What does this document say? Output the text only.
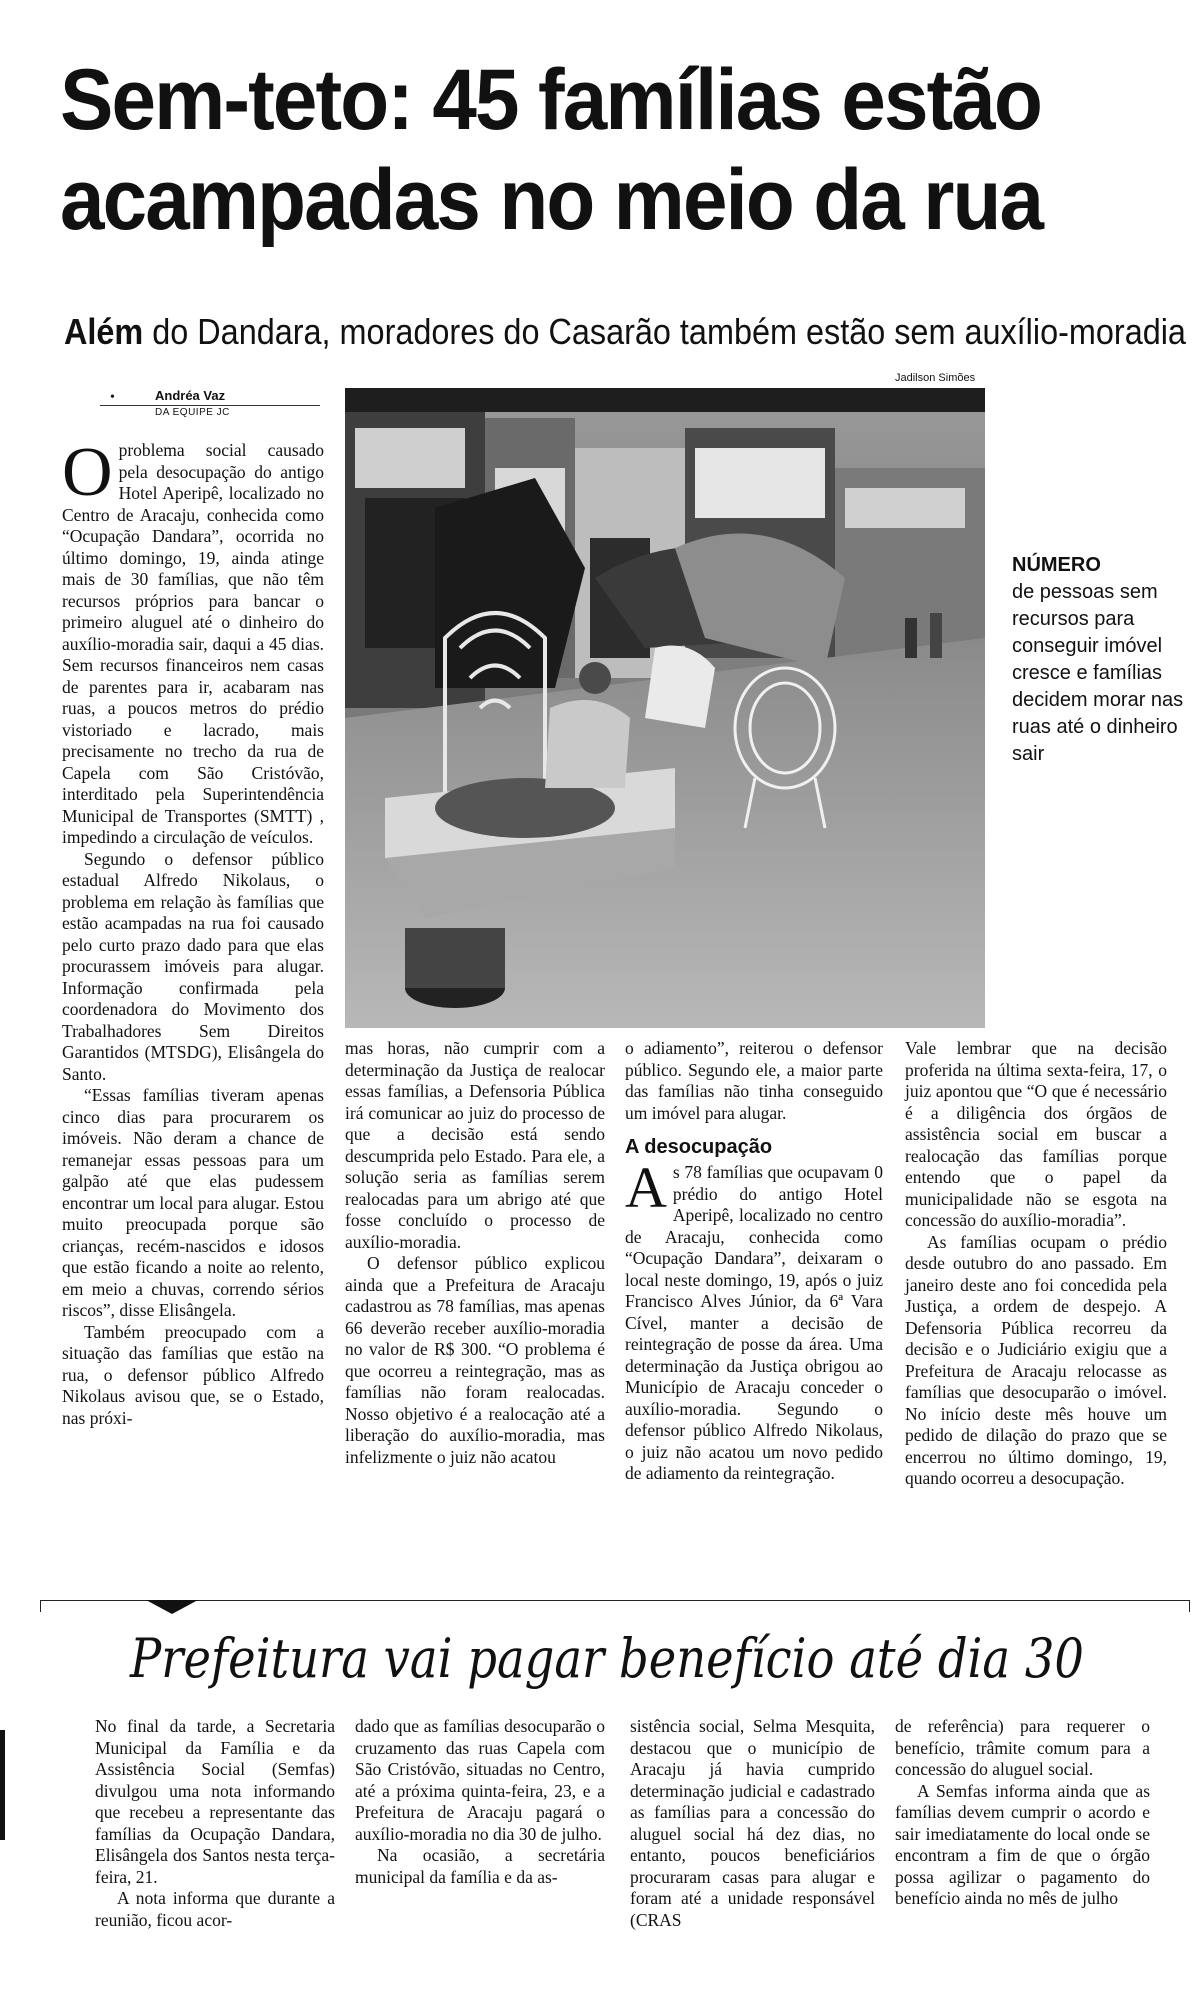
Sem-teto: 45 famílias estão
acampadas no meio da rua
Além do Dandara, moradores do Casarão também estão sem auxílio-moradia
•	Andréa Vaz
DA EQUIPE JC
Jadilson Simões
NÚMERO
de pessoas sem recursos para conseguir imóvel cresce e famílias decidem morar nas ruas até o dinheiro sair

Oproblema social causado pela desocupação do antigo Hotel Aperipê, localizado no Centro de Aracaju, conhecida como “Ocupação Dandara”, ocorrida no último domingo, 19, ainda atinge mais de 30 famílias, que não têm recursos próprios para bancar o primeiro aluguel até o dinheiro do auxílio-moradia sair, daqui a 45 dias. Sem recursos financeiros nem casas de parentes para ir, acabaram nas ruas, a poucos metros do prédio vistoriado e lacrado, mais precisamente no trecho da rua de Capela com São Cristóvão, interditado pela Superintendência Municipal de Transportes (SMTT) , impedindo a circulação de veículos.

Segundo o defensor público estadual Alfredo Nikolaus, o problema em relação às famílias que estão acampadas na rua foi causado pelo curto prazo dado para que elas procurassem imóveis para alugar. Informação confirmada pela coordenadora do Movimento dos Trabalhadores Sem Direitos Garantidos (MTSDG), Elisângela do Santo.

“Essas famílias tiveram apenas cinco dias para procurarem os imóveis. Não deram a chance de remanejar essas pessoas para um galpão até que elas pudessem encontrar um local para alugar. Estou muito preocupada porque são crianças, recém-nascidos e idosos que estão ficando a noite ao relento, em meio a chuvas, correndo sérios riscos”, disse Elisângela.

Também preocupado com a situação das famílias que estão na rua, o defensor público Alfredo Nikolaus avisou que, se o Estado, nas próxi-

mas horas, não cumprir com a determinação da Justiça de realocar essas famílias, a Defensoria Pública irá comunicar ao juiz do processo de que a decisão está sendo descumprida pelo Estado. Para ele, a solução seria as famílias serem realocadas para um abrigo até que fosse concluído o processo de auxílio-moradia.

O defensor público explicou ainda que a Prefeitura de Aracaju cadastrou as 78 famílias, mas apenas 66 deverão receber auxílio-moradia no valor de R$ 300. “O problema é que ocorreu a reintegração, mas as famílias não foram realocadas. Nosso objetivo é a realocação até a liberação do auxílio-moradia, mas infelizmente o juiz não acatou

o adiamento”, reiterou o defensor público. Segundo ele, a maior parte das famílias não tinha conseguido um imóvel para alugar.

A desocupação

As 78 famílias que ocupavam 0 prédio do antigo Hotel Aperipê, localizado no centro de Aracaju, conhecida como “Ocupação Dandara”, deixaram o local neste domingo, 19, após o juiz Francisco Alves Júnior, da 6ª Vara Cível, manter a decisão de reintegração de posse da área. Uma determinação da Justiça obrigou ao Município de Aracaju conceder o auxílio-moradia. Segundo o defensor público Alfredo Nikolaus, o juiz não acatou um novo pedido de adiamento da reintegração.

Vale lembrar que na decisão proferida na última sexta-feira, 17, o juiz apontou que “O que é necessário é a diligência dos órgãos de assistência social em buscar a realocação das famílias porque entendo que o papel da municipalidade não se esgota na concessão do auxílio-moradia”.

As famílias ocupam o prédio desde outubro do ano passado. Em janeiro deste ano foi concedida pela Justiça, a ordem de despejo. A Defensoria Pública recorreu da decisão e o Judiciário exigiu que a Prefeitura de Aracaju relocasse as famílias que desocuparão o imóvel. No início deste mês houve um pedido de dilação do prazo que se encerrou no último domingo, 19, quando ocorreu a desocupação.

Prefeitura vai pagar benefício até dia 30

No final da tarde, a Secretaria Municipal da Família e da Assistência Social (Semfas) divulgou uma nota informando que recebeu a representante das famílias da Ocupação Dandara, Elisângela dos Santos nesta terça-feira, 21.

A nota informa que durante a reunião, ficou acor-

dado que as famílias desocuparão o cruzamento das ruas Capela com São Cristóvão, situadas no Centro, até a próxima quinta-feira, 23, e a Prefeitura de Aracaju pagará o auxílio-moradia no dia 30 de julho.

Na ocasião, a secretária municipal da família e da as-

sistência social, Selma Mesquita, destacou que o município de Aracaju já havia cumprido determinação judicial e cadastrado as famílias para a concessão do aluguel social há dez dias, no entanto, poucos beneficiários procuraram casas para alugar e foram até a unidade responsável (CRAS

de referência) para requerer o benefício, trâmite comum para a concessão do aluguel social.

A Semfas informa ainda que as famílias devem cumprir o acordo e sair imediatamente do local onde se encontram a fim de que o órgão possa agilizar o pagamento do benefício ainda no mês de julho
